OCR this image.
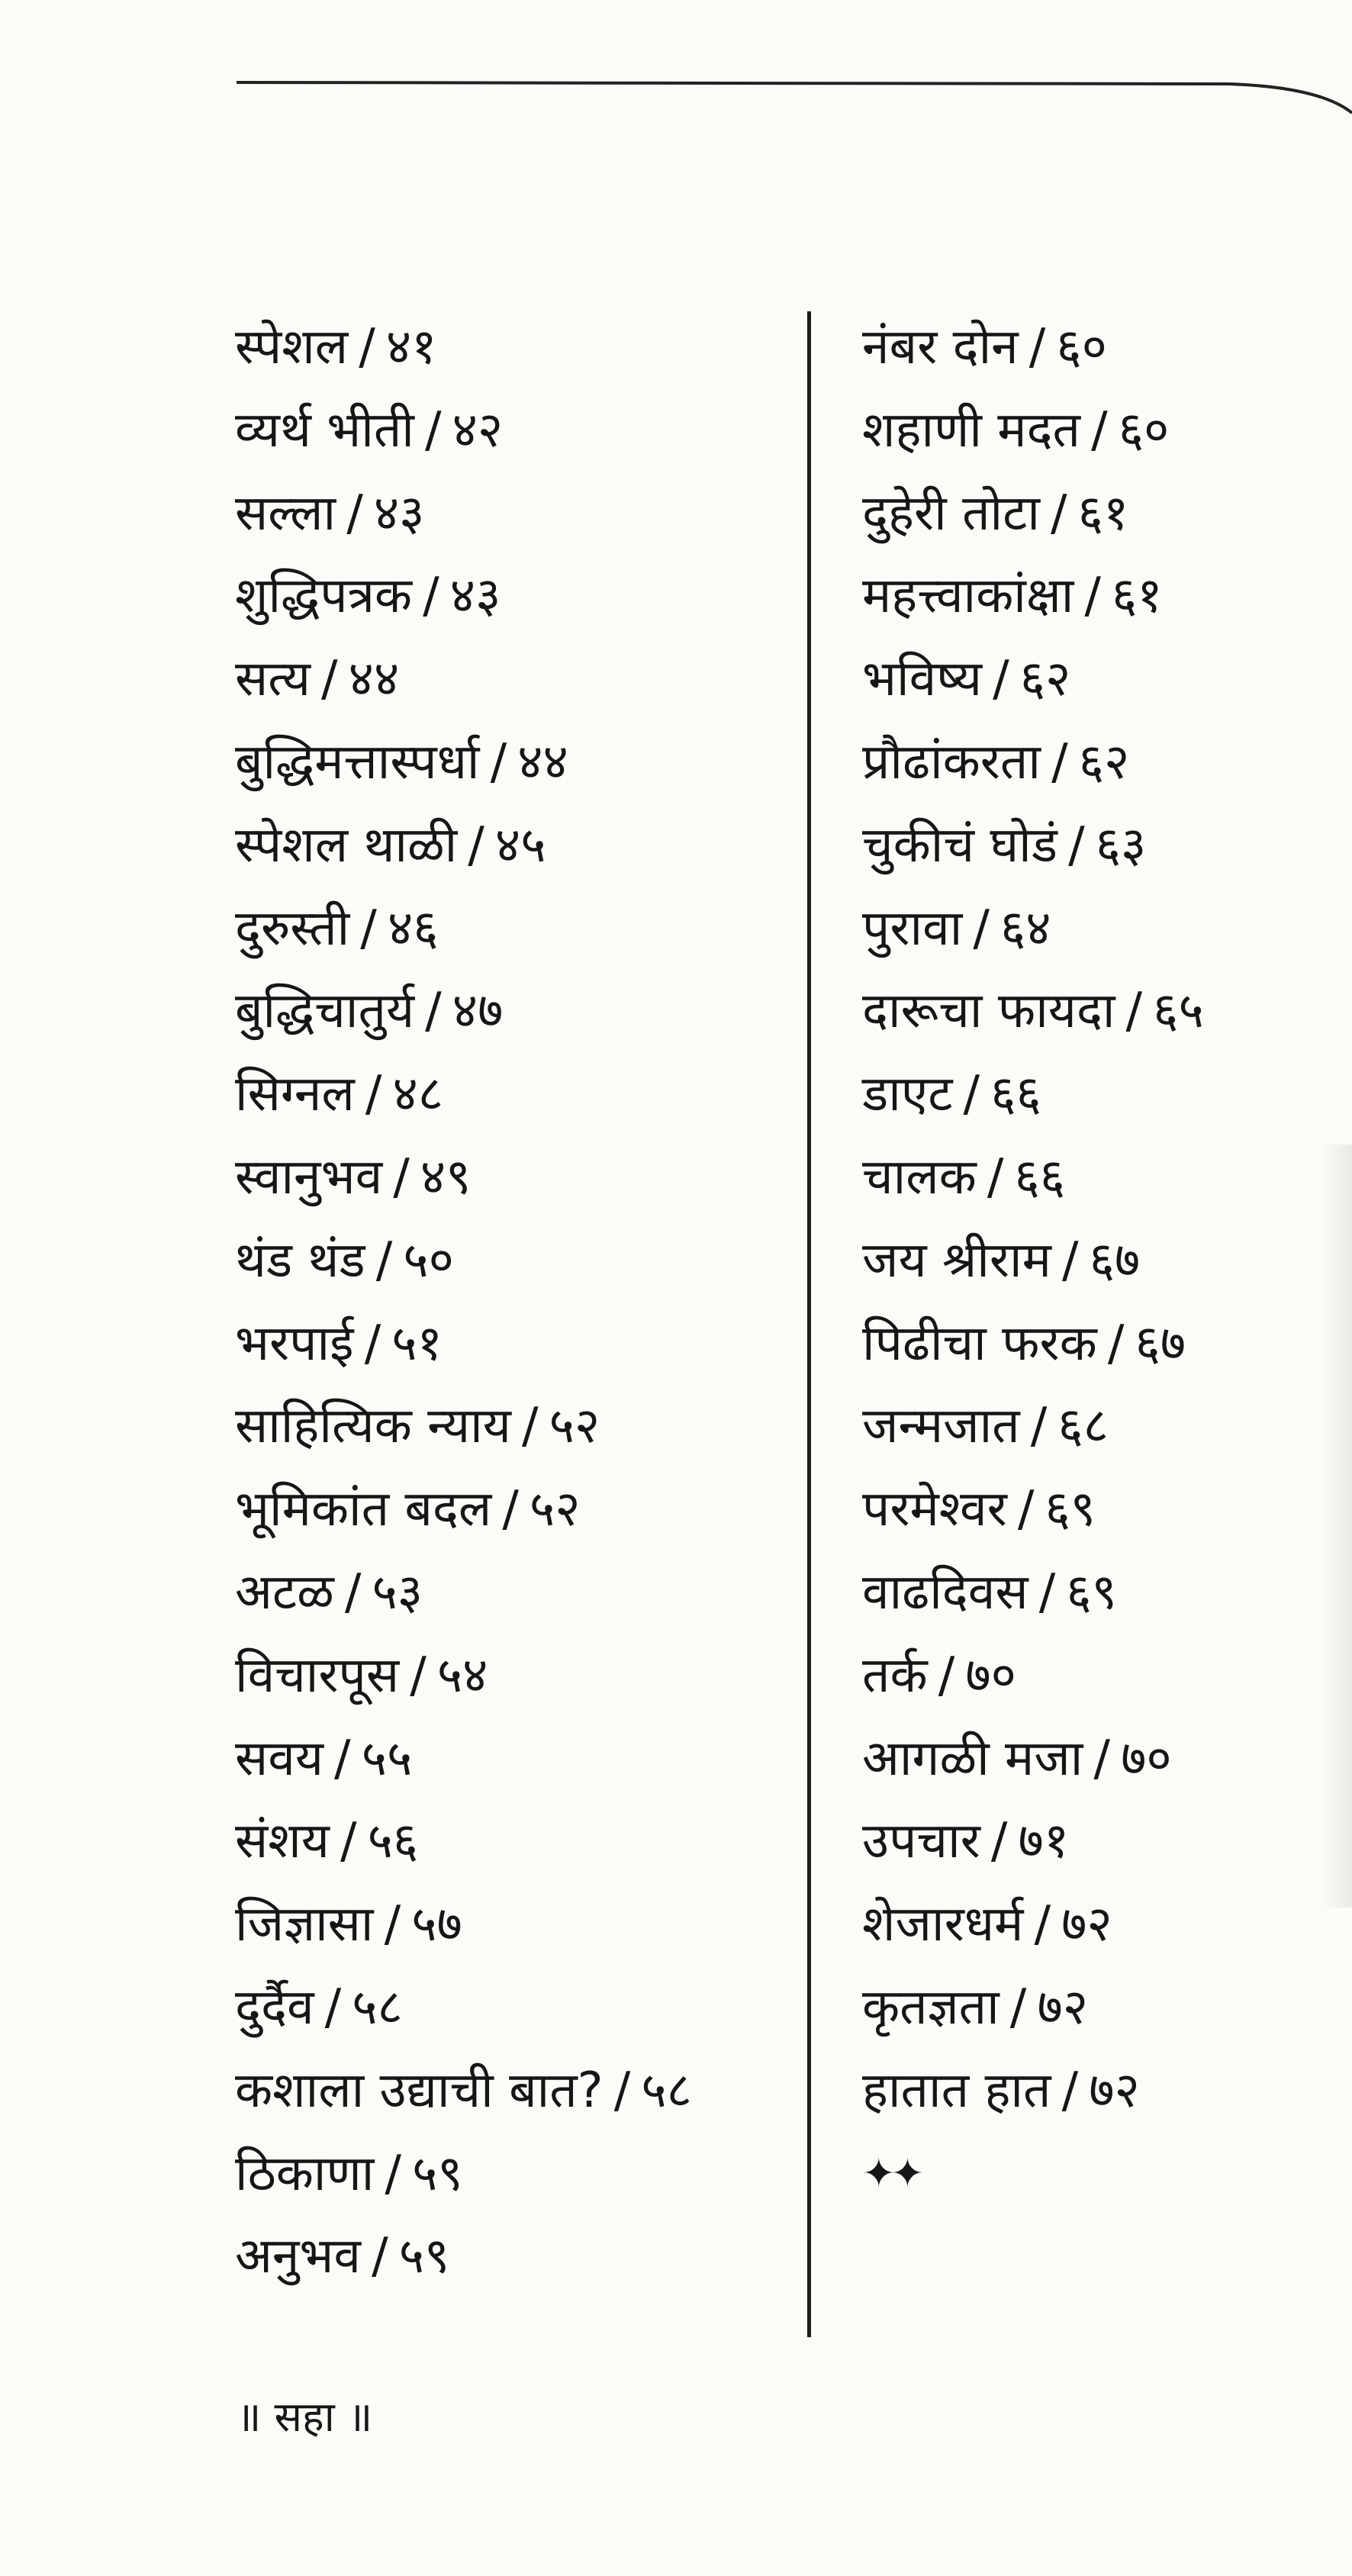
स्पेशल / ४१
व्यर्थ भीती / ४२
सल्ला / ४३
शुद्धिपत्रक / ४३
सत्य / ४४
बुद्धिमत्तास्पर्धा / ४४
स्पेशल थाळी / ४५
दुरुस्ती / ४६
बुद्धिचातुर्य / ४७
सिग्नल / ४८
स्वानुभव / ४९
थंड थंड / ५०
भरपाई / ५१
साहित्यिक न्याय / ५२
भूमिकांत बदल / ५२
अटळ / ५३
विचारपूस / ५४
सवय / ५५
संशय / ५६
जिज्ञासा / ५७
दुर्दैव / ५८
कशाला उद्याची बात? / ५८
ठिकाणा / ५९
अनुभव / ५९
नंबर दोन / ६०
शहाणी मदत / ६०
दुहेरी तोटा / ६१
महत्त्वाकांक्षा / ६१
भविष्य / ६२
प्रौढांकरता / ६२
चुकीचं घोडं / ६३
पुरावा / ६४
दारूचा फायदा / ६५
डाएट / ६६
चालक / ६६
जय श्रीराम / ६७
पिढीचा फरक / ६७
जन्मजात / ६८
परमेश्वर / ६९
वाढदिवस / ६९
तर्क / ७०
आगळी मजा / ७०
उपचार / ७१
शेजारधर्म / ७२
कृतज्ञता / ७२
हातात हात / ७२
✦✦
॥ सहा ॥
